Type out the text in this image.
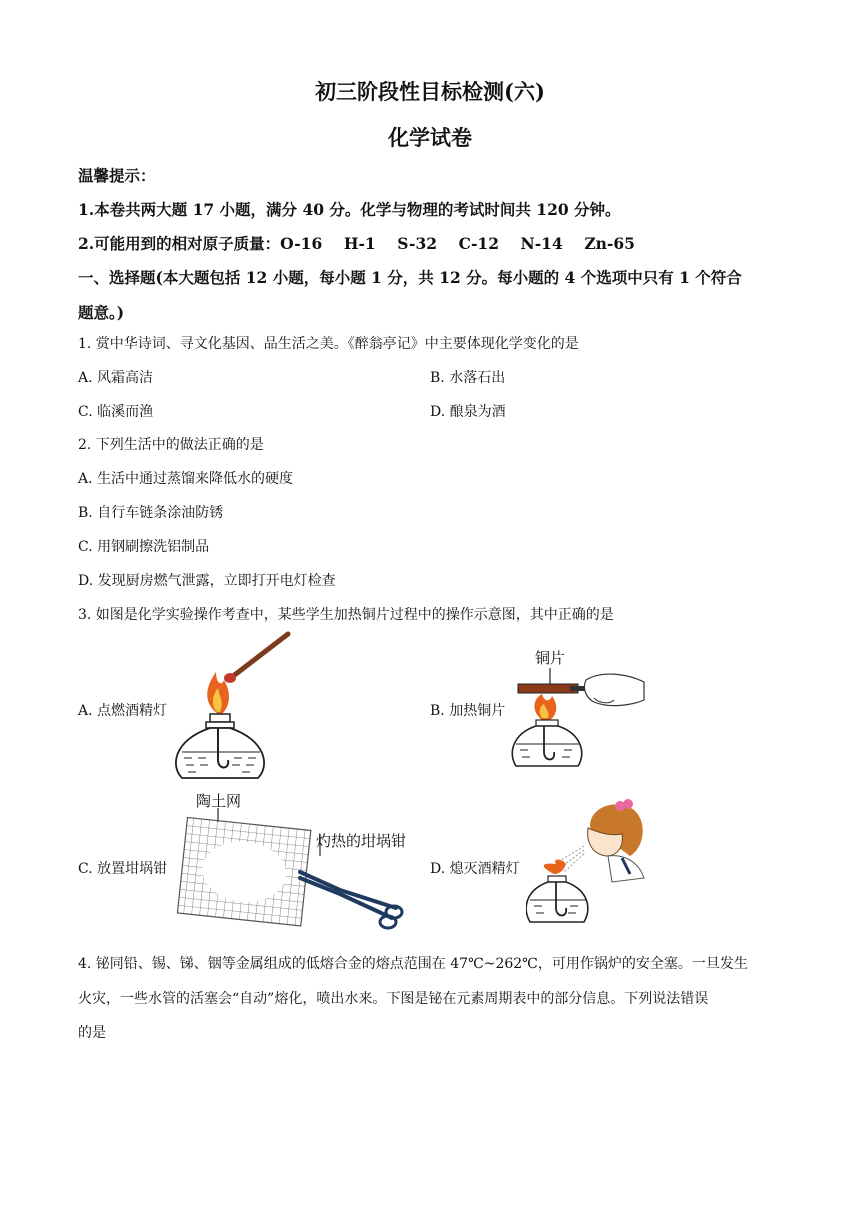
初三阶段性目标检测(六)
化学试卷
温馨提示：
1.本卷共两大题 17 小题，满分 40 分。化学与物理的考试时间共 120 分钟。
2.可能用到的相对原子质量：O-16    H-1    S-32    C-12    N-14    Zn-65
一、选择题(本大题包括 12 小题，每小题 1 分，共 12 分。每小题的 4 个选项中只有 1 个符合
题意。)
1. 赏中华诗词、寻文化基因、品生活之美。《醉翁亭记》中主要体现化学变化的是
A. 风霜高洁	B. 水落石出
C. 临溪而渔	D. 酿泉为酒
2. 下列生活中的做法正确的是
A. 生活中通过蒸馏来降低水的硬度
B. 自行车链条涂油防锈
C. 用钢刷擦洗铝制品
D. 发现厨房燃气泄露，立即打开电灯检查
3. 如图是化学实验操作考查中，某些学生加热铜片过程中的操作示意图，其中正确的是
A. 点燃酒精灯	B. 加热铜片
C. 放置坩埚钳	D. 熄灭酒精灯
铜片
陶土网
灼热的坩埚钳
4. 铋同铅、锡、锑、铟等金属组成的低熔合金的熔点范围在 47℃~262℃，可用作锅炉的安全塞。一旦发生
火灾，一些水管的活塞会“自动”熔化，喷出水来。下图是铋在元素周期表中的部分信息。下列说法错误
的是
